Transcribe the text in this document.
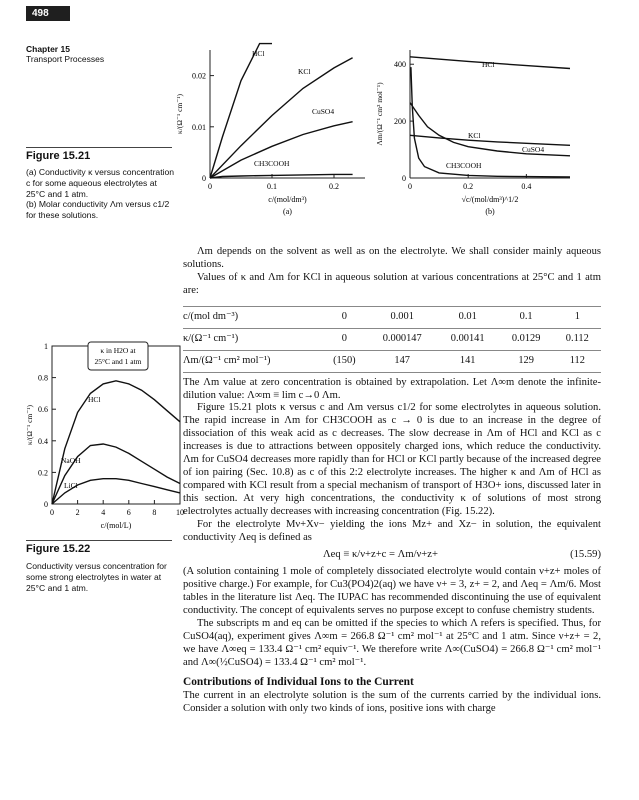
498
Chapter 15
Transport Processes
Figure 15.21
(a) Conductivity κ versus concentration c for some aqueous electrolytes at 25°C and 1 atm.
(b) Molar conductivity Λm versus c1/2 for these solutions.
Figure 15.22
Conductivity versus concentration for some strong electrolytes in water at 25°C and 1 atm.
0	0.1	0.2
0
0.01
0.02
c/(mol/dm³)
κ/(Ω⁻¹ cm⁻¹)
(a)
HCl
KCl
CuSO4
CH3COOH
0	0.2	0.4
0
200
400
√c/(mol/dm³)^1/2
Λm/(Ω⁻¹ cm² mol⁻¹)
(b)
HCl
KCl
CuSO4
CH3COOH
0	2	4	6	8 10
0
0.2
0.4
0.6
0.8
1
c/(mol/L)
κ/(Ω⁻¹ cm⁻¹)
HCl
NaOH
LiCl
κ in H2O at
25°C and 1 atm

Λm depends on the solvent as well as on the electrolyte. We shall consider mainly aqueous solutions.

Values of κ and Λm for KCl in aqueous solution at various concentrations at 25°C and 1 atm are:

c/(mol dm⁻³)	0	0.001	0.01	0.1	1
κ/(Ω⁻¹ cm⁻¹)	0	0.000147	0.00141	0.0129	0.112
Λm/(Ω⁻¹ cm² mol⁻¹)	(150)	147	141	129	112

The Λm value at zero concentration is obtained by extrapolation. Let Λ∞m denote the infinite-dilution value: Λ∞m ≡ lim c→0 Λm.

Figure 15.21 plots κ versus c and Λm versus c1/2 for some electrolytes in aqueous solution. The rapid increase in Λm for CH3COOH as c → 0 is due to an increase in the degree of dissociation of this weak acid as c decreases. The slow decrease in Λm of HCl and KCl as c increases is due to attractions between oppositely charged ions, which reduce the conductivity. Λm for CuSO4 decreases more rapidly than for HCl or KCl partly because of the increased degree of ion pairing (Sec. 10.8) as c of this 2:2 electrolyte increases. The higher κ and Λm of HCl as compared with KCl result from a special mechanism of transport of H3O+ ions, discussed later in this section. At very high concentrations, the conductivity κ of solutions of most strong electrolytes actually decreases with increasing concentration (Fig. 15.22).

For the electrolyte Mν+Xν− yielding the ions Mz+ and Xz− in solution, the equivalent conductivity Λeq is defined as

Λeq ≡ κ/ν+z+c = Λm/ν+z+	(15.59)

(A solution containing 1 mole of completely dissociated electrolyte would contain ν+z+ moles of positive charge.) For example, for Cu3(PO4)2(aq) we have ν+ = 3, z+ = 2, and Λeq = Λm/6. Most tables in the literature list Λeq. The IUPAC has recommended discontinuing the use of equivalent conductivity. The concept of equivalents serves no purpose except to confuse chemistry students.

The subscripts m and eq can be omitted if the species to which Λ refers is specified. Thus, for CuSO4(aq), experiment gives Λ∞m = 266.8 Ω⁻¹ cm² mol⁻¹ at 25°C and 1 atm. Since ν+z+ = 2, we have Λ∞eq = 133.4 Ω⁻¹ cm² equiv⁻¹. We therefore write Λ∞(CuSO4) = 266.8 Ω⁻¹ cm² mol⁻¹ and Λ∞(½CuSO4) = 133.4 Ω⁻¹ cm² mol⁻¹.

Contributions of Individual Ions to the Current

The current in an electrolyte solution is the sum of the currents carried by the individual ions. Consider a solution with only two kinds of ions, positive ions with charge
